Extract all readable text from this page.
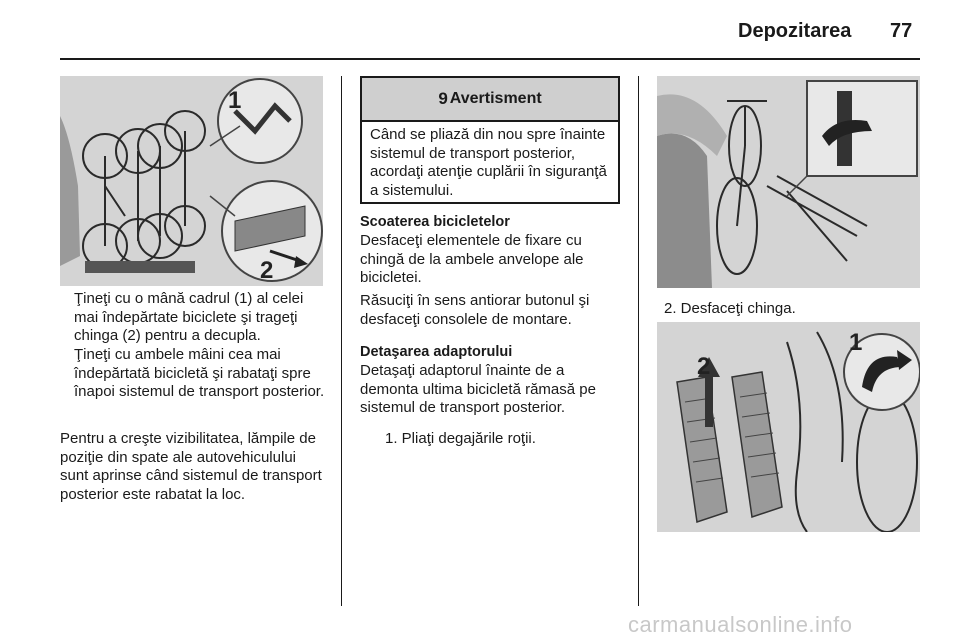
Depozitarea 77
1
2

Ţineţi cu o mână cadrul (1) al celei mai îndepărtate biciclete şi trageţi chinga (2) pentru a decupla.

Ţineţi cu ambele mâini cea mai îndepărtată bicicletă şi rabataţi spre înapoi sistemul de transport posterior.

Pentru a creşte vizibilitatea, lămpile de poziţie din spate ale autovehiculului sunt aprinse când sistemul de transport posterior este rabatat la loc.

9 Avertisment
Când se pliază din nou spre înainte sistemul de transport posterior, acordaţi atenţie cuplării în siguranţă a sistemului.

Scoaterea bicicletelor

Desfaceţi elementele de fixare cu chingă de la ambele anvelope ale bicicletei.

Răsuciţi în sens antiorar butonul şi desfaceţi consolele de montare.

Detaşarea adaptorului

Detaşaţi adaptorul înainte de a demonta ultima bicicletă rămasă pe sistemul de transport posterior.

1. Pliaţi degajările roţii.

2. Desfaceţi chinga.

2
1
carmanualsonline.info
